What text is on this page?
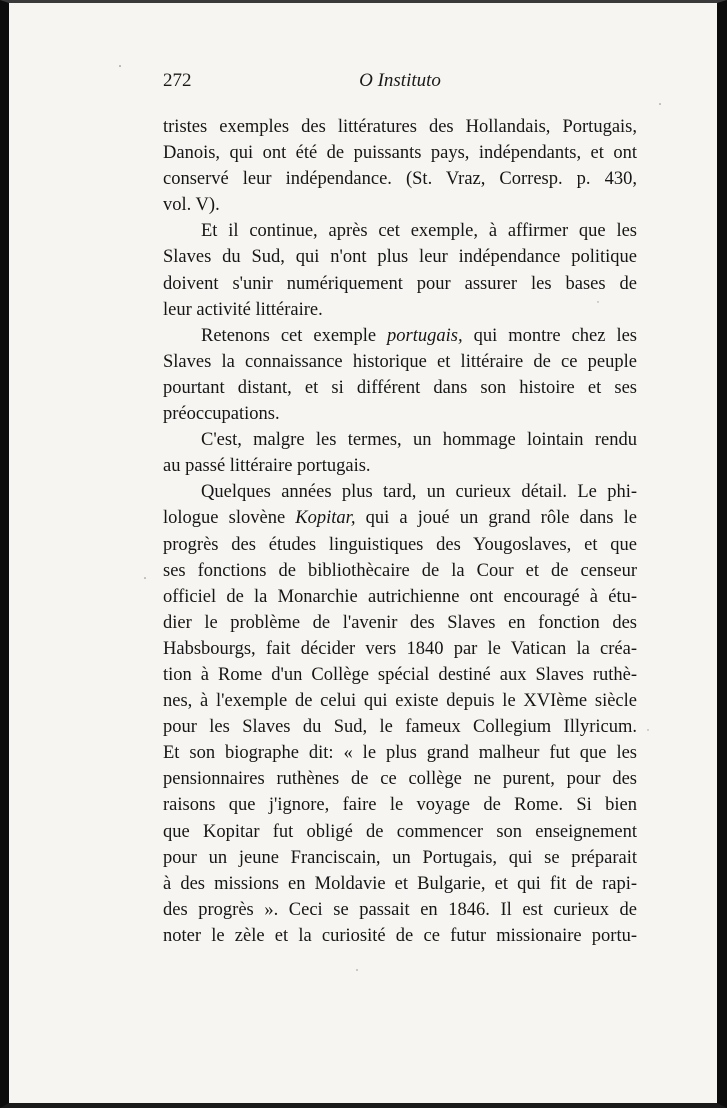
272	O Instituto
tristes exemples des littératures des Hollandais, Portugais,
Danois, qui ont été de puissants pays, indépendants, et ont
conservé leur indépendance. (St. Vraz, Corresp. p. 430,
vol. V).
Et il continue, après cet exemple, à affirmer que les
Slaves du Sud, qui n'ont plus leur indépendance politique
doivent s'unir numériquement pour assurer les bases de
leur activité littéraire.
Retenons cet exemple portugais, qui montre chez les
Slaves la connaissance historique et littéraire de ce peuple
pourtant distant, et si différent dans son histoire et ses
préoccupations.
C'est, malgre les termes, un hommage lointain rendu
au passé littéraire portugais.
Quelques années plus tard, un curieux détail. Le phi-
lologue slovène Kopitar, qui a joué un grand rôle dans le
progrès des études linguistiques des Yougoslaves, et que
ses fonctions de bibliothècaire de la Cour et de censeur
officiel de la Monarchie autrichienne ont encouragé à étu-
dier le problème de l'avenir des Slaves en fonction des
Habsbourgs, fait décider vers 1840 par le Vatican la créa-
tion à Rome d'un Collège spécial destiné aux Slaves ruthè-
nes, à l'exemple de celui qui existe depuis le XVIème siècle
pour les Slaves du Sud, le fameux Collegium Illyricum.
Et son biographe dit: « le plus grand malheur fut que les
pensionnaires ruthènes de ce collège ne purent, pour des
raisons que j'ignore, faire le voyage de Rome. Si bien
que Kopitar fut obligé de commencer son enseignement
pour un jeune Franciscain, un Portugais, qui se préparait
à des missions en Moldavie et Bulgarie, et qui fit de rapi-
des progrès ». Ceci se passait en 1846. Il est curieux de
noter le zèle et la curiosité de ce futur missionaire portu-
